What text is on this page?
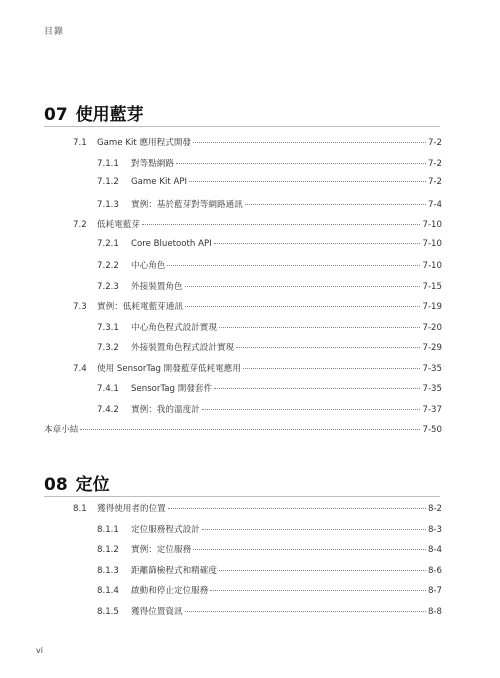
目錄
07 使用藍芽
7.1	Game Kit 應用程式開發	7-2
7.1.1	對等點網路	7-2
7.1.2	Game Kit API	7-2
7.1.3	實例：基於藍芽對等網路通訊	7-4
7.2	低耗電藍芽	7-10
7.2.1	Core Bluetooth API	7-10
7.2.2	中心角色	7-10
7.2.3	外接裝置角色	7-15
7.3	實例：低耗電藍芽通訊	7-19
7.3.1	中心角色程式設計實現	7-20
7.3.2	外接裝置角色程式設計實現	7-29
7.4	使用 SensorTag 開發藍芽低耗電應用	7-35
7.4.1	SensorTag 開發套件	7-35
7.4.2	實例：我的溫度計	7-37
本章小結	7-50
08 定位
8.1	獲得使用者的位置	8-2
8.1.1	定位服務程式設計	8-3
8.1.2	實例：定位服務	8-4
8.1.3	距離篩檢程式和精確度	8-6
8.1.4	啟動和停止定位服務	8-7
8.1.5	獲得位置資訊	8-8
vi
